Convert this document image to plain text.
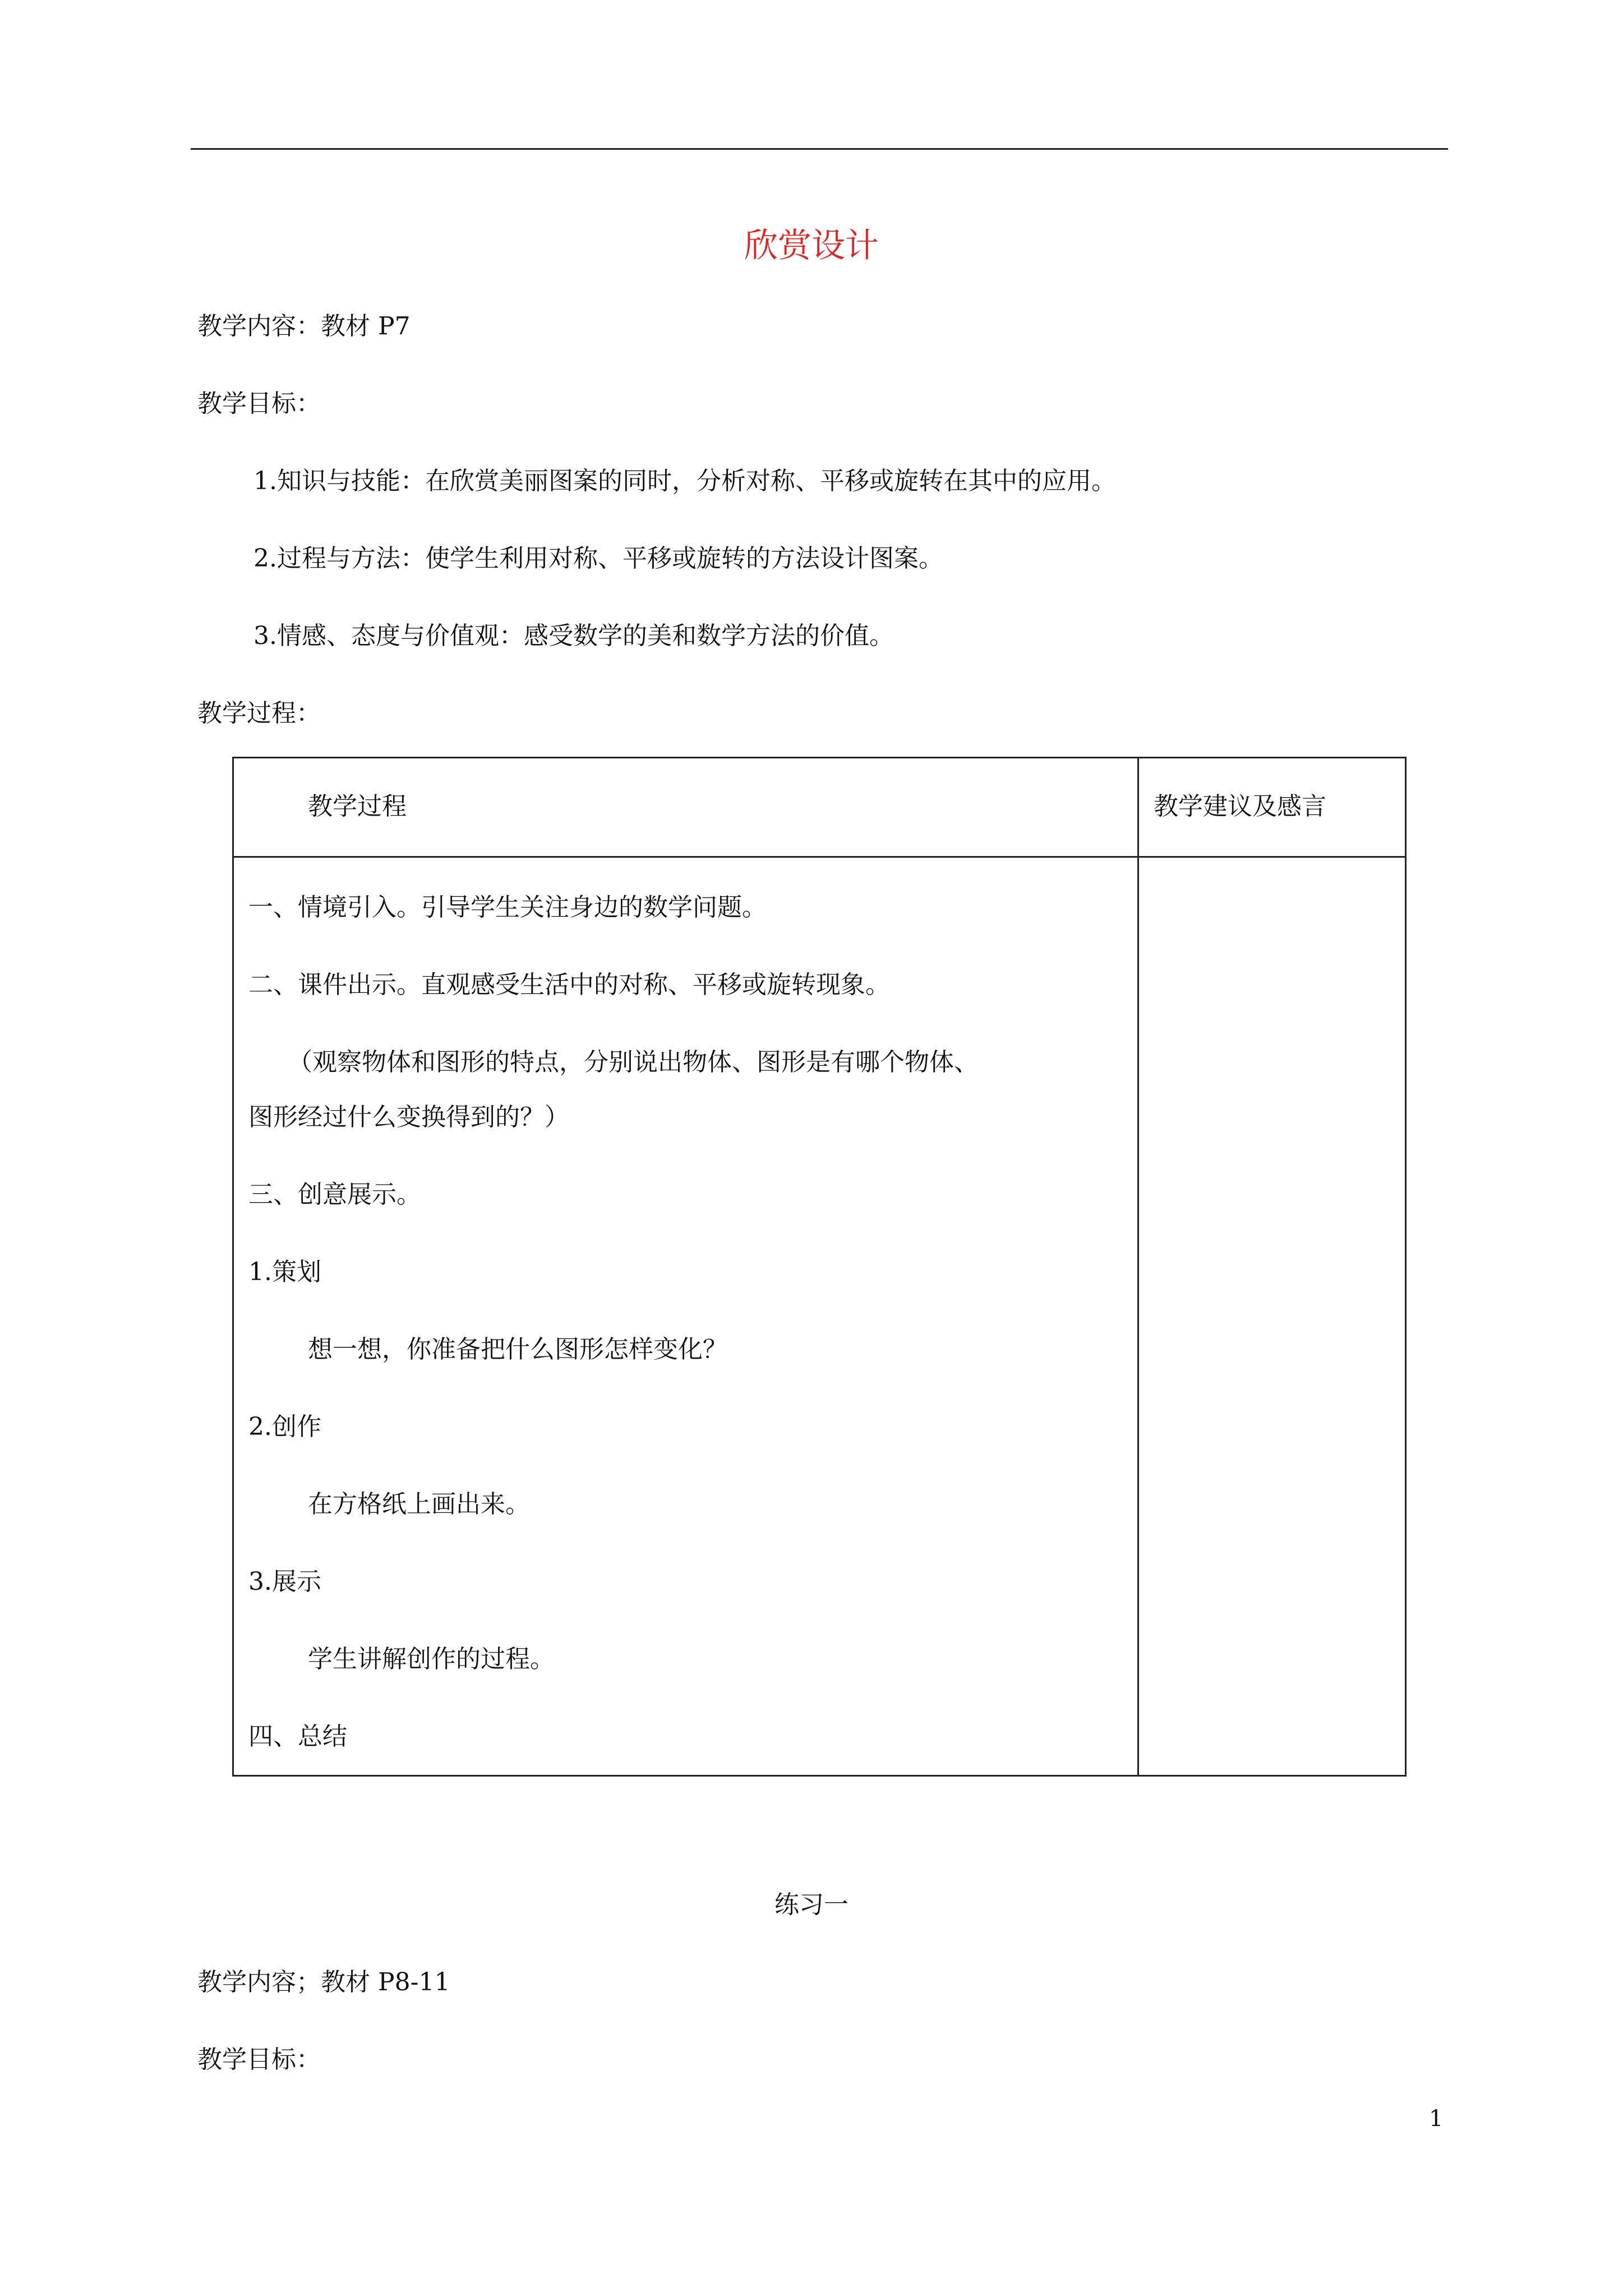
欣赏设计
教学内容：教材 P7
教学目标：
1.知识与技能：在欣赏美丽图案的同时，分析对称、平移或旋转在其中的应用。
2.过程与方法：使学生利用对称、平移或旋转的方法设计图案。
3.情感、态度与价值观：感受数学的美和数学方法的价值。
教学过程：
教学过程	教学建议及感言
一、情境引入。引导学生关注身边的数学问题。
二、课件出示。直观感受生活中的对称、平移或旋转现象。
（观察物体和图形的特点，分别说出物体、图形是有哪个物体、
图形经过什么变换得到的？）
三、创意展示。
1.策划
想一想，你准备把什么图形怎样变化？
2.创作
在方格纸上画出来。
3.展示
学生讲解创作的过程。
四、总结
练习一
教学内容；教材 P8-11
教学目标：
1
